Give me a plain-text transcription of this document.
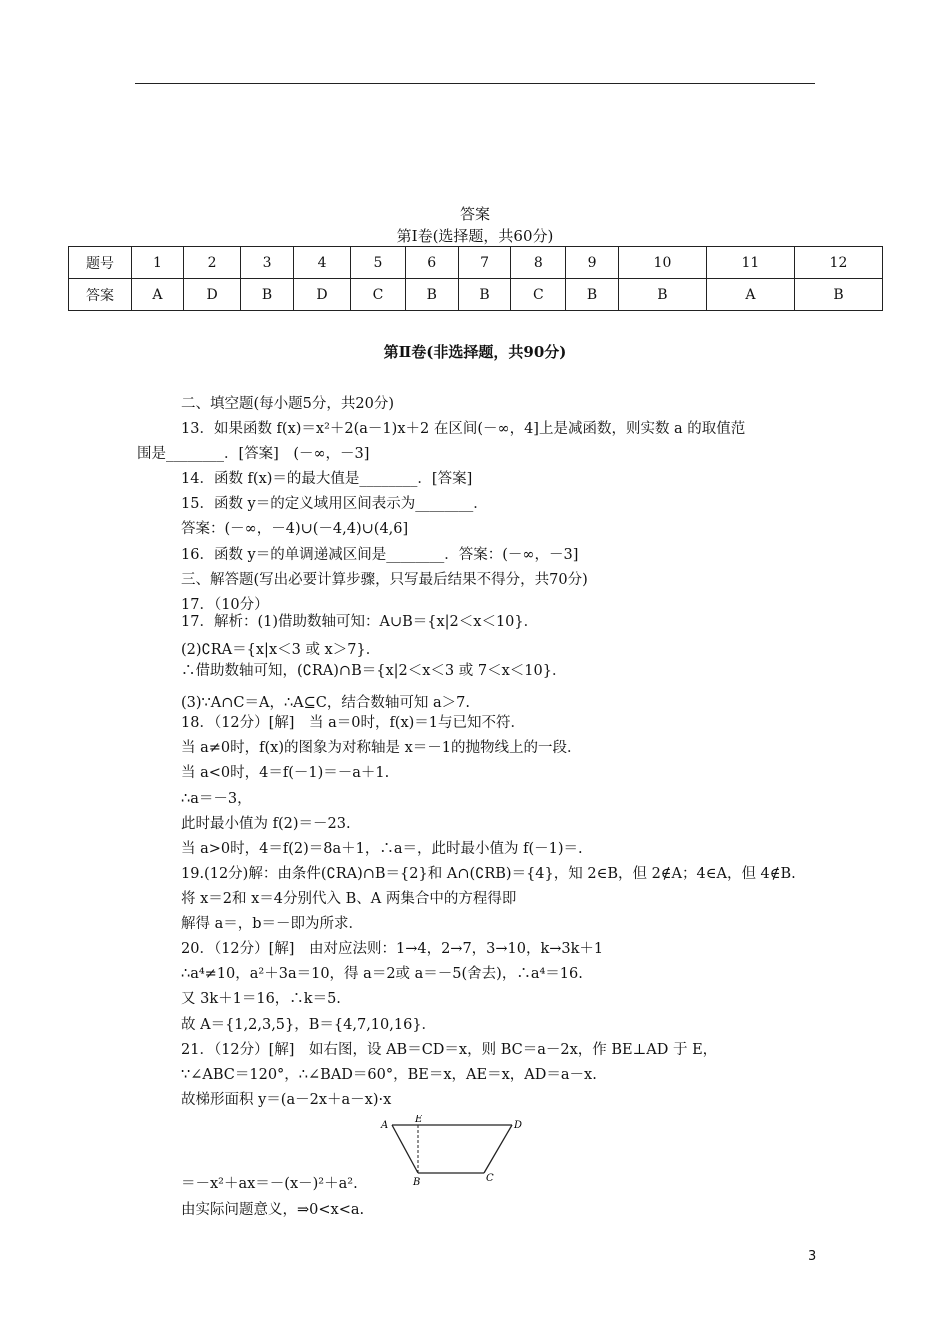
答案
第Ⅰ卷(选择题，共60分)
题号	1	2	3	4	5	6	7	8	9	10	11	12
答案	A	D	B	D	C	B	B	C	B	B	A	B
第Ⅱ卷(非选择题，共90分)
二、填空题(每小题5分，共20分)
13．如果函数 f(x)＝x²＋2(a－1)x＋2 在区间(－∞，4]上是减函数，则实数 a 的取值范
围是________．[答案]　(－∞，－3]
14．函数 f(x)＝的最大值是________．[答案]
15．函数 y＝的定义域用区间表示为________．
答案：(－∞，－4)∪(－4,4)∪(4,6]
16．函数 y＝的单调递减区间是________．答案：(－∞，－3]
三、解答题(写出必要计算步骤，只写最后结果不得分，共70分)
17．（10分）
17．解析：(1)借助数轴可知：A∪B＝{x|2＜x＜10}．
(2)∁RA＝{x|x＜3 或 x＞7}．
∴借助数轴可知，(∁RA)∩B＝{x|2＜x＜3 或 7＜x＜10}．
(3)∵A∩C＝A，∴A⊆C，结合数轴可知 a＞7.
18．（12分）[解]　当 a＝0时，f(x)＝1与已知不符．
当 a≠0时，f(x)的图象为对称轴是 x＝－1的抛物线上的一段．
当 a<0时，4＝f(－1)＝－a＋1.
∴a＝－3，
此时最小值为 f(2)＝－23.
当 a>0时，4＝f(2)＝8a＋1，∴a＝，此时最小值为 f(－1)＝.
19.(12分)解：由条件(∁RA)∩B＝{2}和 A∩(∁RB)＝{4}，知 2∈B，但 2∉A；4∈A，但 4∉B.
将 x＝2和 x＝4分别代入 B、A 两集合中的方程得即
解得 a＝，b＝－即为所求．
20．（12分）[解]　由对应法则：1→4，2→7，3→10，k→3k＋1
∴a⁴≠10，a²＋3a＝10，得 a＝2或 a＝－5(舍去)，∴a⁴＝16.
又 3k＋1＝16，∴k＝5.
故 A＝{1,2,3,5}，B＝{4,7,10,16}．
21．（12分）[解]　如右图，设 AB＝CD＝x，则 BC＝a－2x，作 BE⊥AD 于 E，
∵∠ABC＝120°，∴∠BAD＝60°，BE＝x，AE＝x，AD＝a－x.
故梯形面积 y＝(a－2x＋a－x)·x
＝－x²＋ax＝－(x－)²＋a².
由实际问题意义，⇒0<x<a.
A
E
D
B	C
3
